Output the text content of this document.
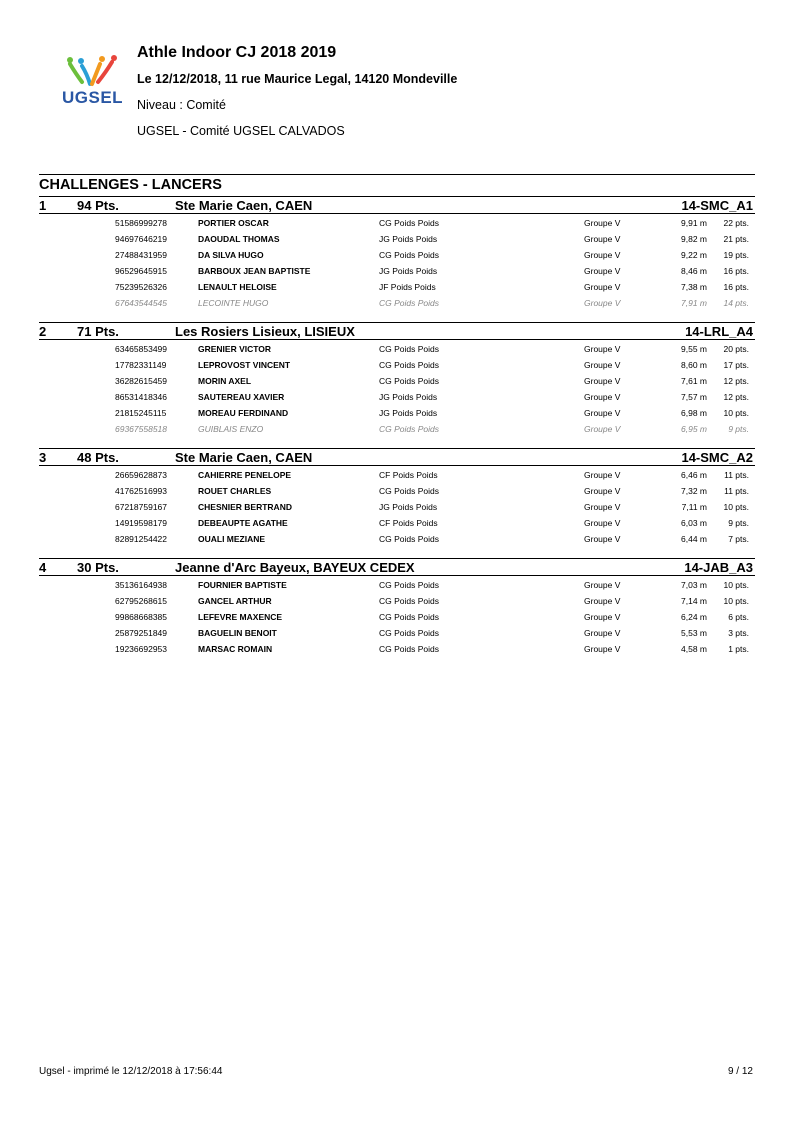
UGSEL
Athle Indoor CJ 2018 2019
Le 12/12/2018, 11 rue Maurice Legal, 14120 Mondeville
Niveau : Comité
UGSEL - Comité UGSEL CALVADOS
CHALLENGES - LANCERS
1 94 Pts.	Ste Marie Caen, CAEN	14-SMC_A1
51586999278	PORTIER OSCAR	CG Poids Poids	Groupe V	9,91 m 22 pts.
94697646219	DAOUDAL THOMAS	JG Poids Poids	Groupe V	9,82 m 21 pts.
27488431959	DA SILVA HUGO	CG Poids Poids	Groupe V	9,22 m 19 pts.
96529645915	BARBOUX JEAN BAPTISTE	JG Poids Poids	Groupe V	8,46 m 16 pts.
75239526326	LENAULT HELOISE	JF Poids Poids	Groupe V	7,38 m 16 pts.
67643544545	LECOINTE HUGO	CG Poids Poids	Groupe V	7,91 m 14 pts.
2 71 Pts.	Les Rosiers Lisieux, LISIEUX	14-LRL_A4
63465853499	GRENIER VICTOR	CG Poids Poids	Groupe V	9,55 m 20 pts.
17782331149	LEPROVOST VINCENT	CG Poids Poids	Groupe V	8,60 m 17 pts.
36282615459	MORIN AXEL	CG Poids Poids	Groupe V	7,61 m 12 pts.
86531418346	SAUTEREAU XAVIER	JG Poids Poids	Groupe V	7,57 m 12 pts.
21815245115	MOREAU FERDINAND	JG Poids Poids	Groupe V	6,98 m 10 pts.
69367558518	GUIBLAIS ENZO	CG Poids Poids	Groupe V	6,95 m 9 pts.
3 48 Pts.	Ste Marie Caen, CAEN	14-SMC_A2
26659628873	CAHIERRE PENELOPE	CF Poids Poids	Groupe V	6,46 m 11 pts.
41762516993	ROUET CHARLES	CG Poids Poids	Groupe V	7,32 m 11 pts.
67218759167	CHESNIER BERTRAND	JG Poids Poids	Groupe V	7,11 m 10 pts.
14919598179	DEBEAUPTE AGATHE	CF Poids Poids	Groupe V	6,03 m 9 pts.
82891254422	OUALI MEZIANE	CG Poids Poids	Groupe V	6,44 m 7 pts.
4 30 Pts.	Jeanne d'Arc Bayeux, BAYEUX CEDEX	14-JAB_A3
35136164938	FOURNIER BAPTISTE	CG Poids Poids	Groupe V	7,03 m 10 pts.
62795268615	GANCEL ARTHUR	CG Poids Poids	Groupe V	7,14 m 10 pts.
99868668385	LEFEVRE MAXENCE	CG Poids Poids	Groupe V	6,24 m 6 pts.
25879251849	BAGUELIN BENOIT	CG Poids Poids	Groupe V	5,53 m 3 pts.
19236692953	MARSAC ROMAIN	CG Poids Poids	Groupe V	4,58 m 1 pts.
Ugsel - imprimé le 12/12/2018 à 17:56:44	9 / 12
